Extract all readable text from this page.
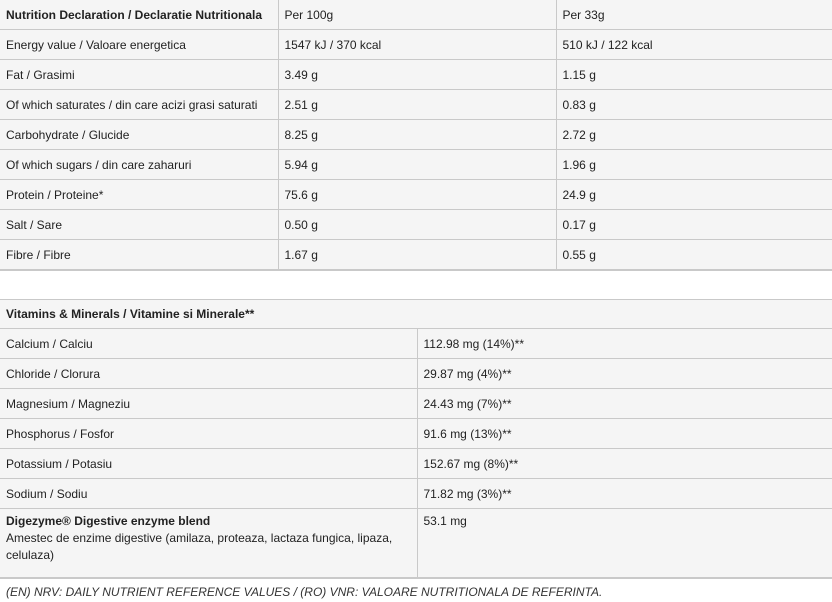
Nutrition Declaration / Declaratie Nutritionala	Per 100g	Per 33g
Energy value / Valoare energetica	1547 kJ / 370 kcal	510 kJ / 122 kcal
Fat / Grasimi	3.49 g	1.15 g
Of which saturates / din care acizi grasi saturati	2.51 g	0.83 g
Carbohydrate / Glucide	8.25 g	2.72 g
Of which sugars / din care zaharuri	5.94 g	1.96 g
Protein / Proteine*	75.6 g	24.9 g
Salt / Sare	0.50 g	0.17 g
Fibre / Fibre	1.67 g	0.55 g
Vitamins & Minerals / Vitamine si Minerale**	
Calcium / Calciu	112.98 mg (14%)**
Chloride / Clorura	29.87 mg (4%)**
Magnesium / Magneziu	24.43 mg (7%)**
Phosphorus / Fosfor	91.6 mg (13%)**
Potassium / Potasiu	152.67 mg (8%)**
Sodium / Sodiu	71.82 mg (3%)**

Digezyme® Digestive enzyme blend
Amestec de enzime digestive (amilaza, proteaza, lactaza fungica, lipaza, celulaza)	53.1 mg
(EN) NRV: DAILY NUTRIENT REFERENCE VALUES / (RO) VNR: VALOARE NUTRITIONALA DE REFERINTA.
